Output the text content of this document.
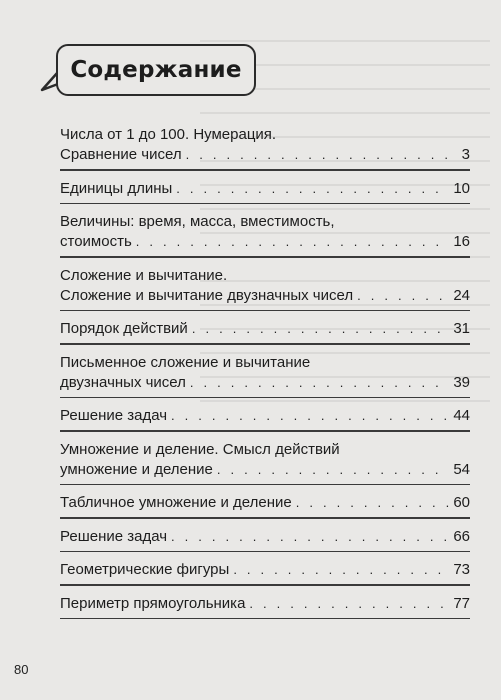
Содержание
Числа от 1 до 100. Нумерация.
Сравнение чисел . . .	3
Единицы длины . . .	10
Величины: время, масса, вместимость,
стоимость . . .	16
Сложение и вычитание.
Сложение и вычитание двузначных чисел . . .	24
Порядок действий . . .	31
Письменное сложение и вычитание
двузначных чисел . . .	39
Решение задач . . .	44
Умножение и деление. Смысл действий
умножение и деление . . .	54
Табличное умножение и деление . . .	60
Решение задач . . .	66
Геометрические фигуры . . .	73
Периметр прямоугольника . . .	77
80
